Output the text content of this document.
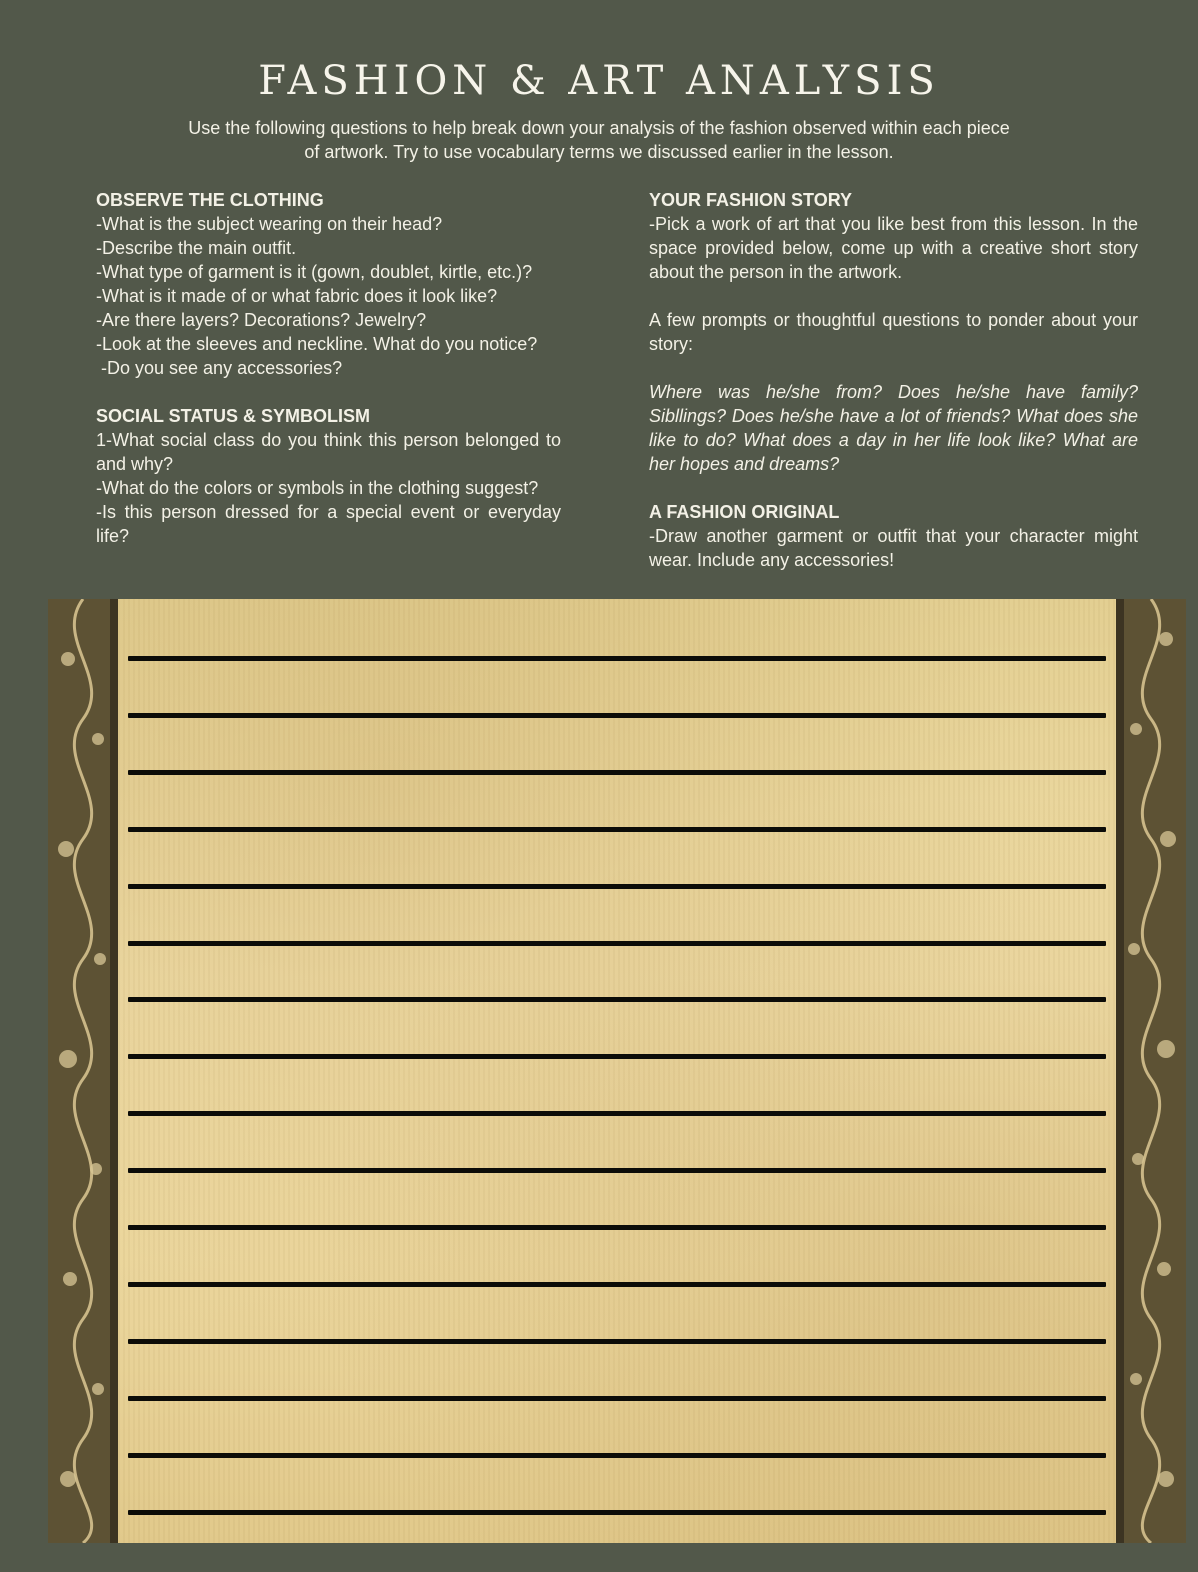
FASHION & ART ANALYSIS

Use the following questions to help break down your analysis of the fashion observed within each piece

of artwork. Try to use vocabulary terms we discussed earlier in the lesson.

OBSERVE THE CLOTHING

-What is the subject wearing on their head?

-Describe the main outfit.

-What type of garment is it (gown, doublet, kirtle, etc.)?

-What is it made of or what fabric does it look like?

-Are there layers? Decorations? Jewelry?

-Look at the sleeves and neckline. What do you notice?

-Do you see any accessories?

SOCIAL STATUS & SYMBOLISM

1-What social class do you think this person belonged to and why?

-What do the colors or symbols in the clothing suggest?

-Is this person dressed for a special event or everyday life?

YOUR FASHION STORY

-Pick a work of art that you like best from this lesson. In the space provided below, come up with a creative short story about the person in the artwork.

A few prompts or thoughtful questions to ponder about your story:

Where was he/she from? Does he/she have family? Sibllings? Does he/she have a lot of friends? What does she like to do? What does a day in her life look like? What are her hopes and dreams?

A FASHION ORIGINAL

-Draw another garment or outfit that your character might wear. Include any accessories!
